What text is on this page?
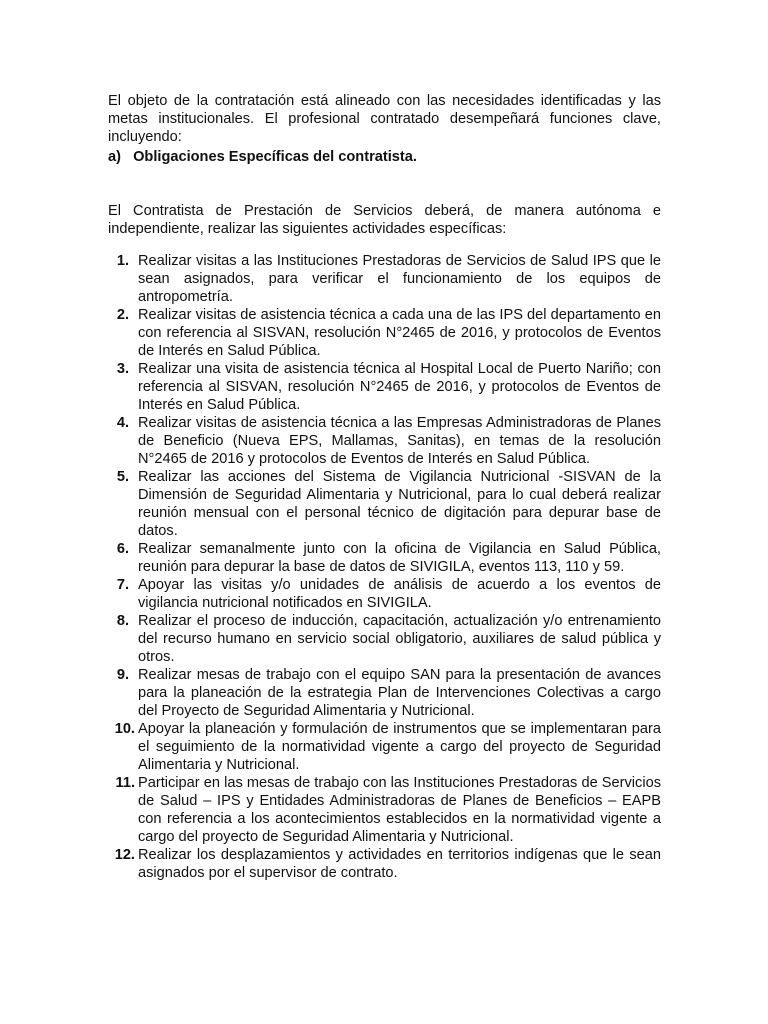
El objeto de la contratación está alineado con las necesidades identificadas y las metas institucionales. El profesional contratado desempeñará funciones clave, incluyendo:

a) Obligaciones Específicas del contratista.

El Contratista de Prestación de Servicios deberá, de manera autónoma e independiente, realizar las siguientes actividades específicas:

1. Realizar visitas a las Instituciones Prestadoras de Servicios de Salud IPS que le sean asignados, para verificar el funcionamiento de los equipos de antropometría.
2. Realizar visitas de asistencia técnica a cada una de las IPS del departamento en con referencia al SISVAN, resolución N°2465 de 2016, y protocolos de Eventos de Interés en Salud Pública.
3. Realizar una visita de asistencia técnica al Hospital Local de Puerto Nariño; con referencia al SISVAN, resolución N°2465 de 2016, y protocolos de Eventos de Interés en Salud Pública.
4. Realizar visitas de asistencia técnica a las Empresas Administradoras de Planes de Beneficio (Nueva EPS, Mallamas, Sanitas), en temas de la resolución N°2465 de 2016 y protocolos de Eventos de Interés en Salud Pública.
5. Realizar las acciones del Sistema de Vigilancia Nutricional -SISVAN de la Dimensión de Seguridad Alimentaria y Nutricional, para lo cual deberá realizar reunión mensual con el personal técnico de digitación para depurar base de datos.
6. Realizar semanalmente junto con la oficina de Vigilancia en Salud Pública, reunión para depurar la base de datos de SIVIGILA, eventos 113, 110 y 59.
7. Apoyar las visitas y/o unidades de análisis de acuerdo a los eventos de vigilancia nutricional notificados en SIVIGILA.
8. Realizar el proceso de inducción, capacitación, actualización y/o entrenamiento del recurso humano en servicio social obligatorio, auxiliares de salud pública y otros.
9. Realizar mesas de trabajo con el equipo SAN para la presentación de avances para la planeación de la estrategia Plan de Intervenciones Colectivas a cargo del Proyecto de Seguridad Alimentaria y Nutricional.
10. Apoyar la planeación y formulación de instrumentos que se implementaran para el seguimiento de la normatividad vigente a cargo del proyecto de Seguridad Alimentaria y Nutricional.
11. Participar en las mesas de trabajo con las Instituciones Prestadoras de Servicios de Salud – IPS y Entidades Administradoras de Planes de Beneficios – EAPB con referencia a los acontecimientos establecidos en la normatividad vigente a cargo del proyecto de Seguridad Alimentaria y Nutricional.
12. Realizar los desplazamientos y actividades en territorios indígenas que le sean asignados por el supervisor de contrato.
